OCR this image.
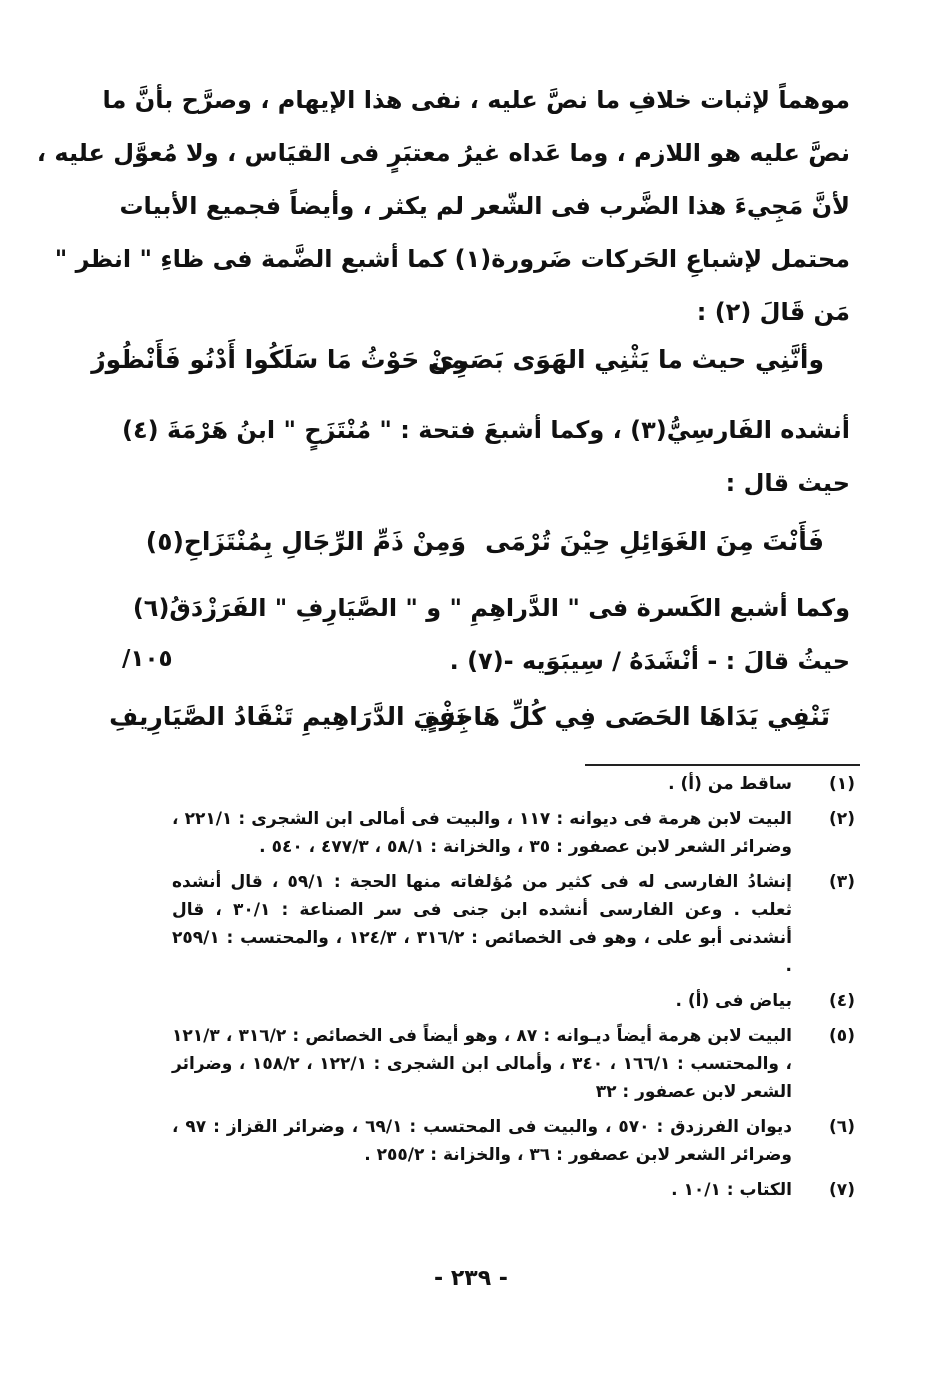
موهماً لإثبات خلافِ ما نصَّ عليه ، نفى هذا الإيهام ، وصرَّح بأنَّ ما
نصَّ عليه هو اللازم ، وما عَداه غيرُ معتبَرٍ فى القيَاس ، ولا مُعوَّل عليه ،
لأنَّ مَجِيءَ هذا الضَّرب فى الشّعر لم يكثر ، وأيضاً فجميع الأبيات
محتمل لإشباعِ الحَركات ضَرورة(١) كما أشبع الضَّمة فى ظاءِ " انظر "
مَن قَالَ (٢) :
وأنَّنِي حيث ما يَثْنِي الهَوَى بَصَرِي
مِنْ حَوْثُ مَا سَلَكُوا أَدْنُو فَأَنْظُورُ
أنشده الفَارسِيُّ(٣) ، وكما أشبعَ فتحة : " مُنْتَزَحٍ " ابنُ هَرْمَةَ (٤)
حيث قال :
فَأَنْتَ مِنَ الغَوَائِلِ حِيْنَ تُرْمَى
وَمِنْ ذَمِّ الرِّجَالِ بِمُنْتَزَاحِ(٥)
وكما أشبع الكَسرة فى " الدَّراهِمِ " و " الصَّيَارِفِ " الفَرَزْدَقُ(٦)
حيثُ قالَ : - أنْشَدَهُ / سِيبَوَيه -(٧) .
١٠٥/
تَنْفِي يَدَاهَا الحَصَى فِي كُلِّ هَاجِرَةٍ
نَفْيَ الدَّرَاهِيمِ تَنْقَادُ الصَّيَارِيفِ
(١)
ساقط من (أ) .
(٢)
البيت لابن هرمة فى ديوانه : ١١٧ ، والبيت فى أمالى ابن الشجرى : ٢٢١/١ ، وضرائر الشعر لابن عصفور : ٣٥ ، والخزانة : ٥٨/١ ، ٤٧٧/٣ ، ٥٤٠ .
(٣)
إنشادُ الفارسى له فى كثير من مُؤلفاته منها الحجة : ٥٩/١ ، قال أنشده ثعلب . وعن الفارسى أنشده ابن جنى فى سر الصناعة : ٣٠/١ ، قال أنشدنى أبو على ، وهو فى الخصائص : ٣١٦/٢ ، ١٢٤/٣ ، والمحتسب : ٢٥٩/١ .
(٤)
بياض فى (أ) .
(٥)
البيت لابن هرمة أيضاً ديـوانه : ٨٧ ، وهو أيضاً فى الخصائص : ٣١٦/٢ ، ١٢١/٣ ، والمحتسب : ١٦٦/١ ، ٣٤٠ ، وأمالى ابن الشجرى : ١٢٢/١ ، ١٥٨/٢ ، وضرائر الشعر لابن عصفور : ٣٢
(٦)
ديوان الفرزدق : ٥٧٠ ، والبيت فى المحتسب : ٦٩/١ ، وضرائر القزاز : ٩٧ ، وضرائر الشعر لابن عصفور : ٣٦ ، والخزانة : ٢٥٥/٢ .
(٧)
الكتاب : ١٠/١ .
- ٢٣٩ -
